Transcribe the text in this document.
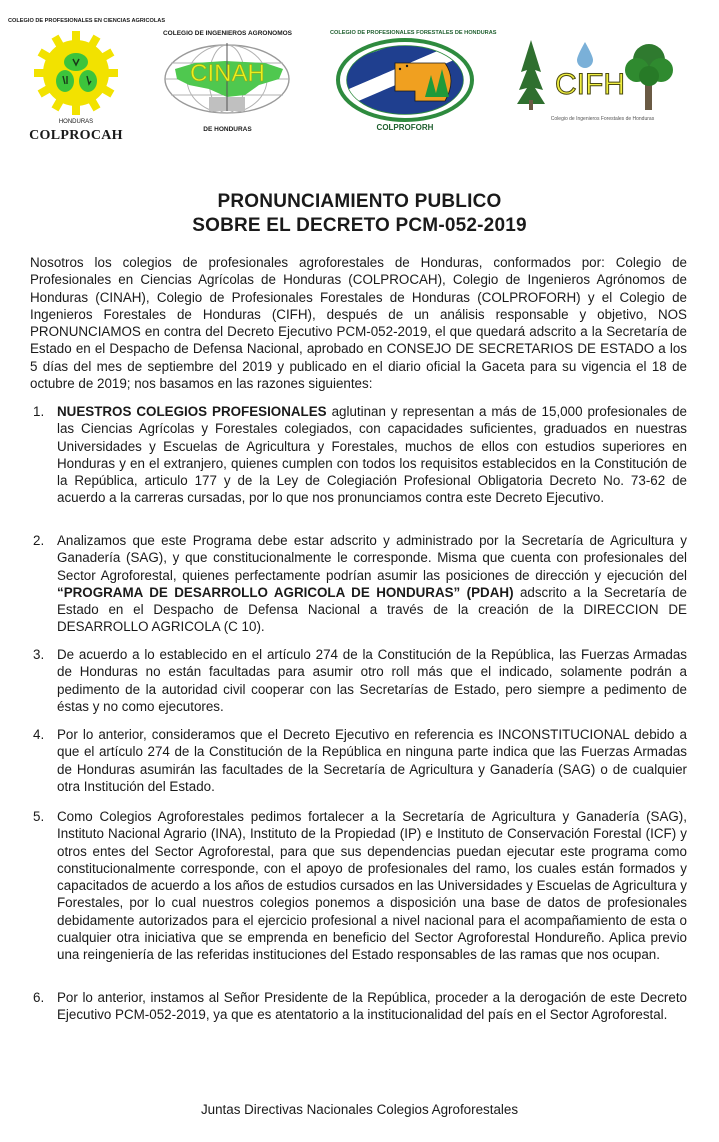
COLEGIO DE PROFESIONALES EN CIENCIAS AGRICOLAS
HONDURAS
COLPROCAH
COLEGIO DE INGENIEROS AGRONOMOS
CINAH
DE HONDURAS
COLEGIO DE PROFESIONALES FORESTALES DE HONDURAS
COLPROFORH
CIFH
Colegio de Ingenieros Forestales de Honduras
PRONUNCIAMIENTO PUBLICO
SOBRE EL DECRETO PCM-052-2019
Nosotros los colegios de profesionales agroforestales de Honduras, conformados por: Colegio de Profesionales en Ciencias Agrícolas de Honduras (COLPROCAH), Colegio de Ingenieros Agrónomos de Honduras (CINAH), Colegio de Profesionales Forestales de Honduras (COLPROFORH) y el Colegio de Ingenieros Forestales de Honduras (CIFH), después de un análisis responsable y objetivo, NOS PRONUNCIAMOS en contra del Decreto Ejecutivo PCM-052-2019, el que quedará adscrito a la Secretaría de Estado en el Despacho de Defensa Nacional, aprobado en CONSEJO DE SECRETARIOS DE ESTADO a los 5 días del mes de septiembre del 2019 y publicado en el diario oficial la Gaceta para su vigencia el 18 de octubre de 2019; nos basamos en las razones siguientes:
1. NUESTROS COLEGIOS PROFESIONALES aglutinan y representan a más de 15,000 profesionales de las Ciencias Agrícolas y Forestales colegiados, con capacidades suficientes, graduados en nuestras Universidades y Escuelas de Agricultura y Forestales, muchos de ellos con estudios superiores en Honduras y en el extranjero, quienes cumplen con todos los requisitos establecidos en la Constitución de la República, articulo 177 y de la Ley de Colegiación Profesional Obligatoria Decreto No. 73-62 de acuerdo a la carreras cursadas, por lo que nos pronunciamos contra este Decreto Ejecutivo.
2. Analizamos que este Programa debe estar adscrito y administrado por la Secretaría de Agricultura y Ganadería (SAG), y que constitucionalmente le corresponde. Misma que cuenta con profesionales del Sector Agroforestal, quienes perfectamente podrían asumir las posiciones de dirección y ejecución del “PROGRAMA DE DESARROLLO AGRICOLA DE HONDURAS” (PDAH) adscrito a la Secretaría de Estado en el Despacho de Defensa Nacional a través de la creación de la DIRECCION DE DESARROLLO AGRICOLA (C 10).
3. De acuerdo a lo establecido en el artículo 274 de la Constitución de la República, las Fuerzas Armadas de Honduras no están facultadas para asumir otro roll más que el indicado, solamente podrán a pedimento de la autoridad civil cooperar con las Secretarías de Estado, pero siempre a pedimento de éstas y no como ejecutores.
4. Por lo anterior, consideramos que el Decreto Ejecutivo en referencia es INCONSTITUCIONAL debido a que el artículo 274 de la Constitución de la República en ninguna parte indica que las Fuerzas Armadas de Honduras asumirán las facultades de la Secretaría de Agricultura y Ganadería (SAG) o de cualquier otra Institución del Estado.
5. Como Colegios Agroforestales pedimos fortalecer a la Secretaría de Agricultura y Ganadería (SAG), Instituto Nacional Agrario (INA), Instituto de la Propiedad (IP) e Instituto de Conservación Forestal (ICF) y otros entes del Sector Agroforestal, para que sus dependencias puedan ejecutar este programa como constitucionalmente corresponde, con el apoyo de profesionales del ramo, los cuales están formados y capacitados de acuerdo a los años de estudios cursados en las Universidades y Escuelas de Agricultura y Forestales, por lo cual nuestros colegios ponemos a disposición una base de datos de profesionales debidamente autorizados para el ejercicio profesional a nivel nacional para el acompañamiento de esta o cualquier otra iniciativa que se emprenda en beneficio del Sector Agroforestal Hondureño. Aplica previo una reingeniería de las referidas instituciones del Estado responsables de las ramas que nos ocupan.
6. Por lo anterior, instamos al Señor Presidente de la República, proceder a la derogación de este Decreto Ejecutivo PCM-052-2019, ya que es atentatorio a la institucionalidad del país en el Sector Agroforestal.
Juntas Directivas Nacionales Colegios Agroforestales
